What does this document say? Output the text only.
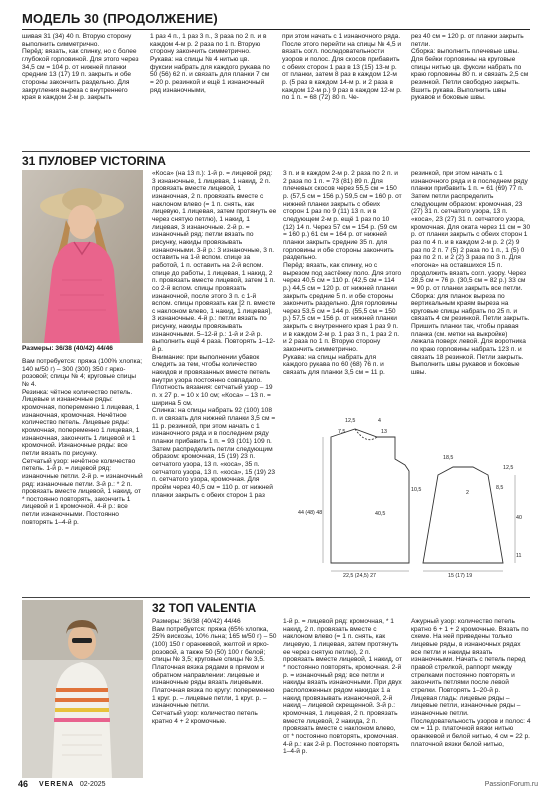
МОДЕЛЬ 30 (ПРОДОЛЖЕНИЕ)

шивая 31 (34) 40 п. Вторую сторону выполнить симметрично.
Перёд: вязать, как спинку, но с более глубокой горловиной. Для этого через 34,5 см = 104 р. от нижней планки средние 13 (17) 19 п. закрыть и обе стороны закончить раздельно. Для закругления выреза с внутреннего края в каждом 2-м р. закрыть

1 раз 4 п., 1 раз 3 п., 3 раза по 2 п. и в каждом 4-м р. 2 раза по 1 п. Вторую сторону закончить симметрично.
Рукава: на спицы № 4 нитью цв. фуксии набрать для каждого рукава по 50 (56) 62 п. и связать для планки 7 см = 20 р. резинкой и ещё 1 изнаночный ряд изнаночными,

при этом начать с 1 изнаночного ряда. После этого перейти на спицы № 4,5 и вязать согл. последовательности узоров и полос. Для скосов прибавить с обеих сторон 1 раз в 13 (15) 13-м р. от планки, затем 8 раз в каждом 12-м р. (5 раз в каждом 14-м р. и 2 раза в каждом 12-м р.) 9 раз в каждом 12-м р. по 1 п. = 68 (72) 80 п. Че-

рез 40 см = 120 р. от планки закрыть петли.
Сборка: выполнить плечевые швы. Для бейки горловины на круговые спицы нитью цв. фуксии набрать по краю горловины 80 п. и связать 2,5 см резинкой. Петли свободно закрыть. Вшить рукава. Выполнить швы рукавов и боковые швы.

31 ПУЛОВЕР VICTORINA

Размеры: 36/38 (40/42) 44/46

Вам потребуется: пряжа (100% хлопка; 140 м/50 г) – 300 (300) 350 г ярко-розовой; спицы № 4; круговые спицы № 4.
Резинка: чётное количество петель. Лицевые и изнаночные ряды: кромочная, попеременно 1 лицевая, 1 изнаночная, кромочная. Нечётное количество петель. Лицевые ряды: кромочная, попеременно 1 лицевая, 1 изнаночная, закончить 1 лицевой и 1 кромочной. Изнаночные ряды: все петли вязать по рисунку.
Сетчатый узор: нечётное количество петель. 1-й р. = лицевой ряд: изнаночные петли. 2-й р. = изнаночный ряд: изнаночные петли. 3-й р.: * 2 п. провязать вместе лицевой, 1 накид, от * постоянно повторять, закончить 1 лицевой и 1 кромочной. 4-й р.: все петли изнаночными. Постоянно повторять 1–4-й р.

«Коса» (на 13 п.): 1-й р. = лицевой ряд: 3 изнаночные, 1 лицевая, 1 накид, 2 п. провязать вместе лицевой, 1 изнаночная, 2 п. провязать вместе с наклоном влево (= 1 п. снять, как лицевую, 1 лицевая, затем протянуть ее через снятую петлю), 1 накид, 1 лицевая, 3 изнаночные. 2-й р. = изнаночный ряд: петли вязать по рисунку, накиды провязывать изнаночными. 3-й р.: 3 изнаночные, 3 п. оставить на 1-й вспом. спице за работой, 1 п. оставить на 2-й вспом. спице до работы, 1 лицевая, 1 накид, 2 п. провязать вместе лицевой, затем 1 п. со 2-й вспом. спицы провязать изнаночной, после этого 3 п. с 1-й вспом. спицы провязать как [2 п. вместе с наклоном влево, 1 накид, 1 лицевая], 3 изнаночные. 4-й р.: петли вязать по рисунку, накиды провязывать изнаночными. 5–12-й р.: 1-й и 2-й р. выполнить ещё 4 раза. Повторять 1–12-й р.
Внимание: при выполнении убавок следить за тем, чтобы количество накидов и провязанных вместе петель внутри узора постоянно совпадало.
Плотность вязания: сетчатый узор – 19 п. х 27 р. = 10 х 10 см; «Коса» – 13 п. = ширина 5 см.
Спинка: на спицы набрать 92 (100) 108 п. и связать для нижней планки 3,5 см = 11 р. резинкой, при этом начать с 1 изнаночного ряда и в последнем ряду планки прибавить 1 п. = 93 (101) 109 п. Затем распределить петли следующим образом: кромочная, 15 (19) 23 п. сетчатого узора, 13 п. «коса», 35 п. сетчатого узора, 13 п. «коса», 15 (19) 23 п. сетчатого узора, кромочная. Для пройм через 40,5 см = 110 р. от нижней планки закрыть с обеих сторон 1 раз

3 п. и в каждом 2-м р. 2 раза по 2 п. и 2 раза по 1 п. = 73 (81) 89 п. Для плечевых скосов через 55,5 см = 150 р. (57,5 см = 156 р.) 59,5 см = 160 р. от нижней планки закрыть с обеих сторон 1 раз по 9 (11) 13 п. и в следующем 2-м р. ещё 1 раз по 10 (12) 14 п. Через 57 см = 154 р. (59 см = 160 р.) 61 см = 164 р. от нижней планки закрыть средние 35 п. для горловины и обе стороны закончить раздельно.
Перёд: вязать, как спинку, но с вырезом под застёжку поло. Для этого через 40,5 см = 110 р. (42,5 см = 114 р.) 44,5 см = 120 р. от нижней планки закрыть средние 5 п. и обе стороны закончить раздельно. Для горловины через 53,5 см = 144 р. (55,5 см = 150 р.) 57,5 см = 156 р. от нижней планки закрыть с внутреннего края 1 раз 9 п. и в каждом 2-м р. 1 раз 3 п., 1 раз 2 п. и 2 раза по 1 п. Вторую сторону закончить симметрично.
Рукава: на спицы набрать для каждого рукава по 60 (68) 76 п. и связать для планки 3,5 см = 11 р.

резинкой, при этом начать с 1 изнаночного ряда и в последнем ряду планки прибавить 1 п. = 61 (69) 77 п. Затем петли распределить следующим образом: кромочная, 23 (27) 31 п. сетчатого узора, 13 п. «коса», 23 (27) 31 п. сетчатого узора, кромочная. Для оката через 11 см = 30 р. от планки закрыть с обеих сторон 1 раз по 4 п. и в каждом 2-м р. 2 (2) 9 раз по 2 п. 7 (5) 2 раза по 1 п., 1 (5) 0 раз по 2 п. и 2 (2) 3 раза по 3 п. Для «погона» на оставшихся 15 п. продолжить вязать согл. узору. Через 28,5 см = 76 р. (30,5 см = 82 р.) 33 см = 90 р. от планки закрыть все петли.
Сборка: для планок выреза по вертикальным краям выреза на круговые спицы набрать по 25 п. и связать 4 см резинкой. Петли закрыть. Пришить планки так, чтобы правая планка (см. метки на выкройке) лежала поверх левой. Для воротника по краю горловины набрать 123 п. и связать 18 резинкой. Петли закрыть. Выполнить швы рукавов и боковые швы.

12,5	4
7,5	13
18,5
12,5
10,5
22,5 (24,5) 27
44 (48) 48	40,5
8,5
2
40
11
15 (17) 19
32 ТОП VALENTIA

Размеры: 36/38 (40/42) 44/46
Вам потребуется: пряжа (65% хлопка, 25% вискозы, 10% льна; 165 м/50 г) – 50 (100) 150 г оранжевой, желтой и ярко-розовой, а также 50 (50) 100 г белой; спицы № 3,5; круговые спицы № 3,5.
Платочная вязка рядами в прямом и обратном направлении: лицевые и изнаночные ряды вязать лицевыми.
Платочная вязка по кругу: попеременно 1 круг. р. – лицевые петли, 1 круг. р. – изнаночные петли.
Сетчатый узор: количество петель кратно 4 + 2 кромочные.

1-й р. = лицевой ряд: кромочная, * 1 накид, 2 п. провязать вместе с наклоном влево (= 1 п. снять, как лицевую, 1 лицевая, затем протянуть ее через снятую петлю), 2 п. провязать вместе лицевой, 1 накид, от * постоянно повторять, кромочная. 2-й р. = изнаночный ряд: все петли и накиды вязать изнаночными. При двух расположенных рядом накидах 1 а накид провязывать изнаночной, 2-й накид – лицевой скрещенной. 3-й р.: кромочная, 1 лицевая, 2 п. провязать вместе лицевой, 2 накида, 2 п. провязать вместе с наклоном влево, от * постоянно повторять, кромочная. 4-й р.: как 2-й р. Постоянно повторять 1–4-й р.

Ажурный узор: количество петель кратно 6 + 1 + 2 кромочные. Вязать по схеме. На ней приведены только лицевые ряды, в изнаночных рядах все петли и накиды вязать изнаночными. Начать с петель перед правой стрелкой, раппорт между стрелками постоянно повторять и закончить петлями после левой стрелки. Повторять 1–20-й р.
Лицевая гладь: лицевые ряды – лицевые петли, изнаночные ряды – изнаночные петли.
Последовательность узоров и полос: 4 см = 11 р. платочной вязки нитью оранжевой и белой нитью, 4 см = 22 р. платочной вязки белой нитью,

46 VERENA 02-2025	PassionForum.ru
